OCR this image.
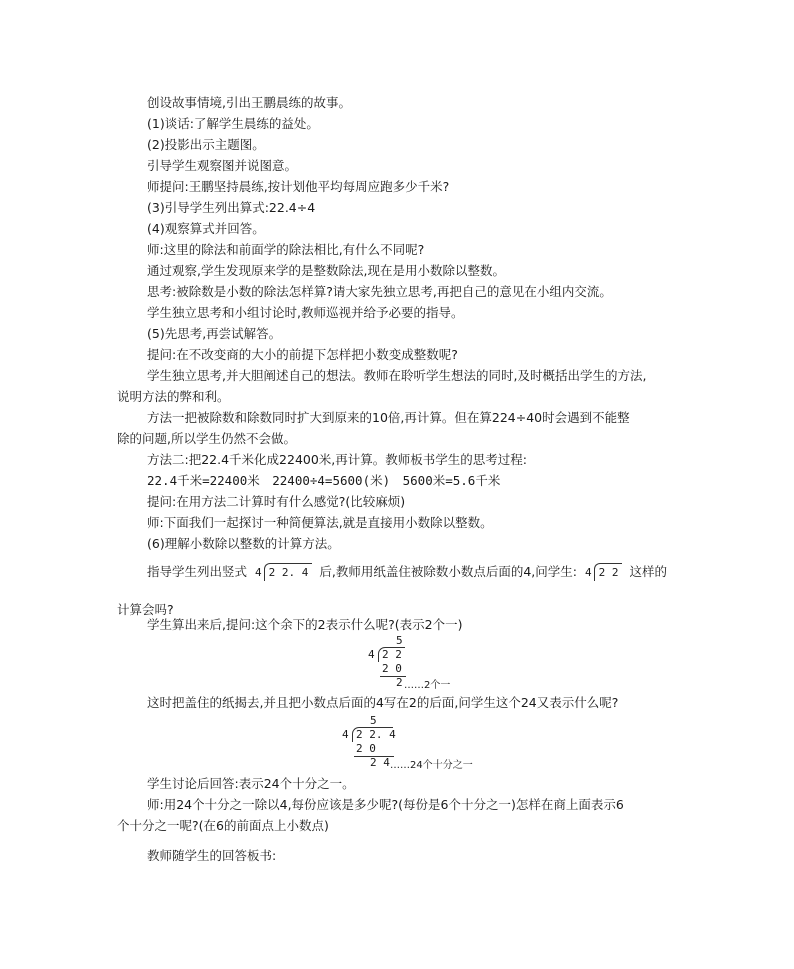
创设故事情境,引出王鹏晨练的故事。
(1)谈话:了解学生晨练的益处。
(2)投影出示主题图。
引导学生观察图并说图意。
师提问:王鹏坚持晨练,按计划他平均每周应跑多少千米?
(3)引导学生列出算式:22.4÷4
(4)观察算式并回答。
师:这里的除法和前面学的除法相比,有什么不同呢?
通过观察,学生发现原来学的是整数除法,现在是用小数除以整数。
思考:被除数是小数的除法怎样算?请大家先独立思考,再把自己的意见在小组内交流。
学生独立思考和小组讨论时,教师巡视并给予必要的指导。
(5)先思考,再尝试解答。
提问:在不改变商的大小的前提下怎样把小数变成整数呢?
学生独立思考,并大胆阐述自己的想法。教师在聆听学生想法的同时,及时概括出学生的方法,
说明方法的弊和利。
方法一把被除数和除数同时扩大到原来的10倍,再计算。但在算224÷40时会遇到不能整
除的问题,所以学生仍然不会做。
方法二:把22.4千米化成22400米,再计算。教师板书学生的思考过程:
22.4千米=22400米　22400÷4=5600(米)　5600米=5.6千米
提问:在用方法二计算时有什么感觉?(比较麻烦)
师:下面我们一起探讨一种简便算法,就是直接用小数除以整数。
(6)理解小数除以整数的计算方法。
指导学生列出竖式 4 2 2. 4 后,教师用纸盖住被除数小数点后面的4,问学生: 4 2 2 这样的
计算会吗?
学生算出来后,提问:这个余下的2表示什么呢?(表示2个一)
5
4 2 2
2 0
2 ……2个一
这时把盖住的纸揭去,并且把小数点后面的4写在2的后面,问学生这个24又表示什么呢?
5
4 2 2. 4
2 0
2 4 ……24个十分之一
学生讨论后回答:表示24个十分之一。
师:用24个十分之一除以4,每份应该是多少呢?(每份是6个十分之一)怎样在商上面表示6
个十分之一呢?(在6的前面点上小数点)
教师随学生的回答板书:
